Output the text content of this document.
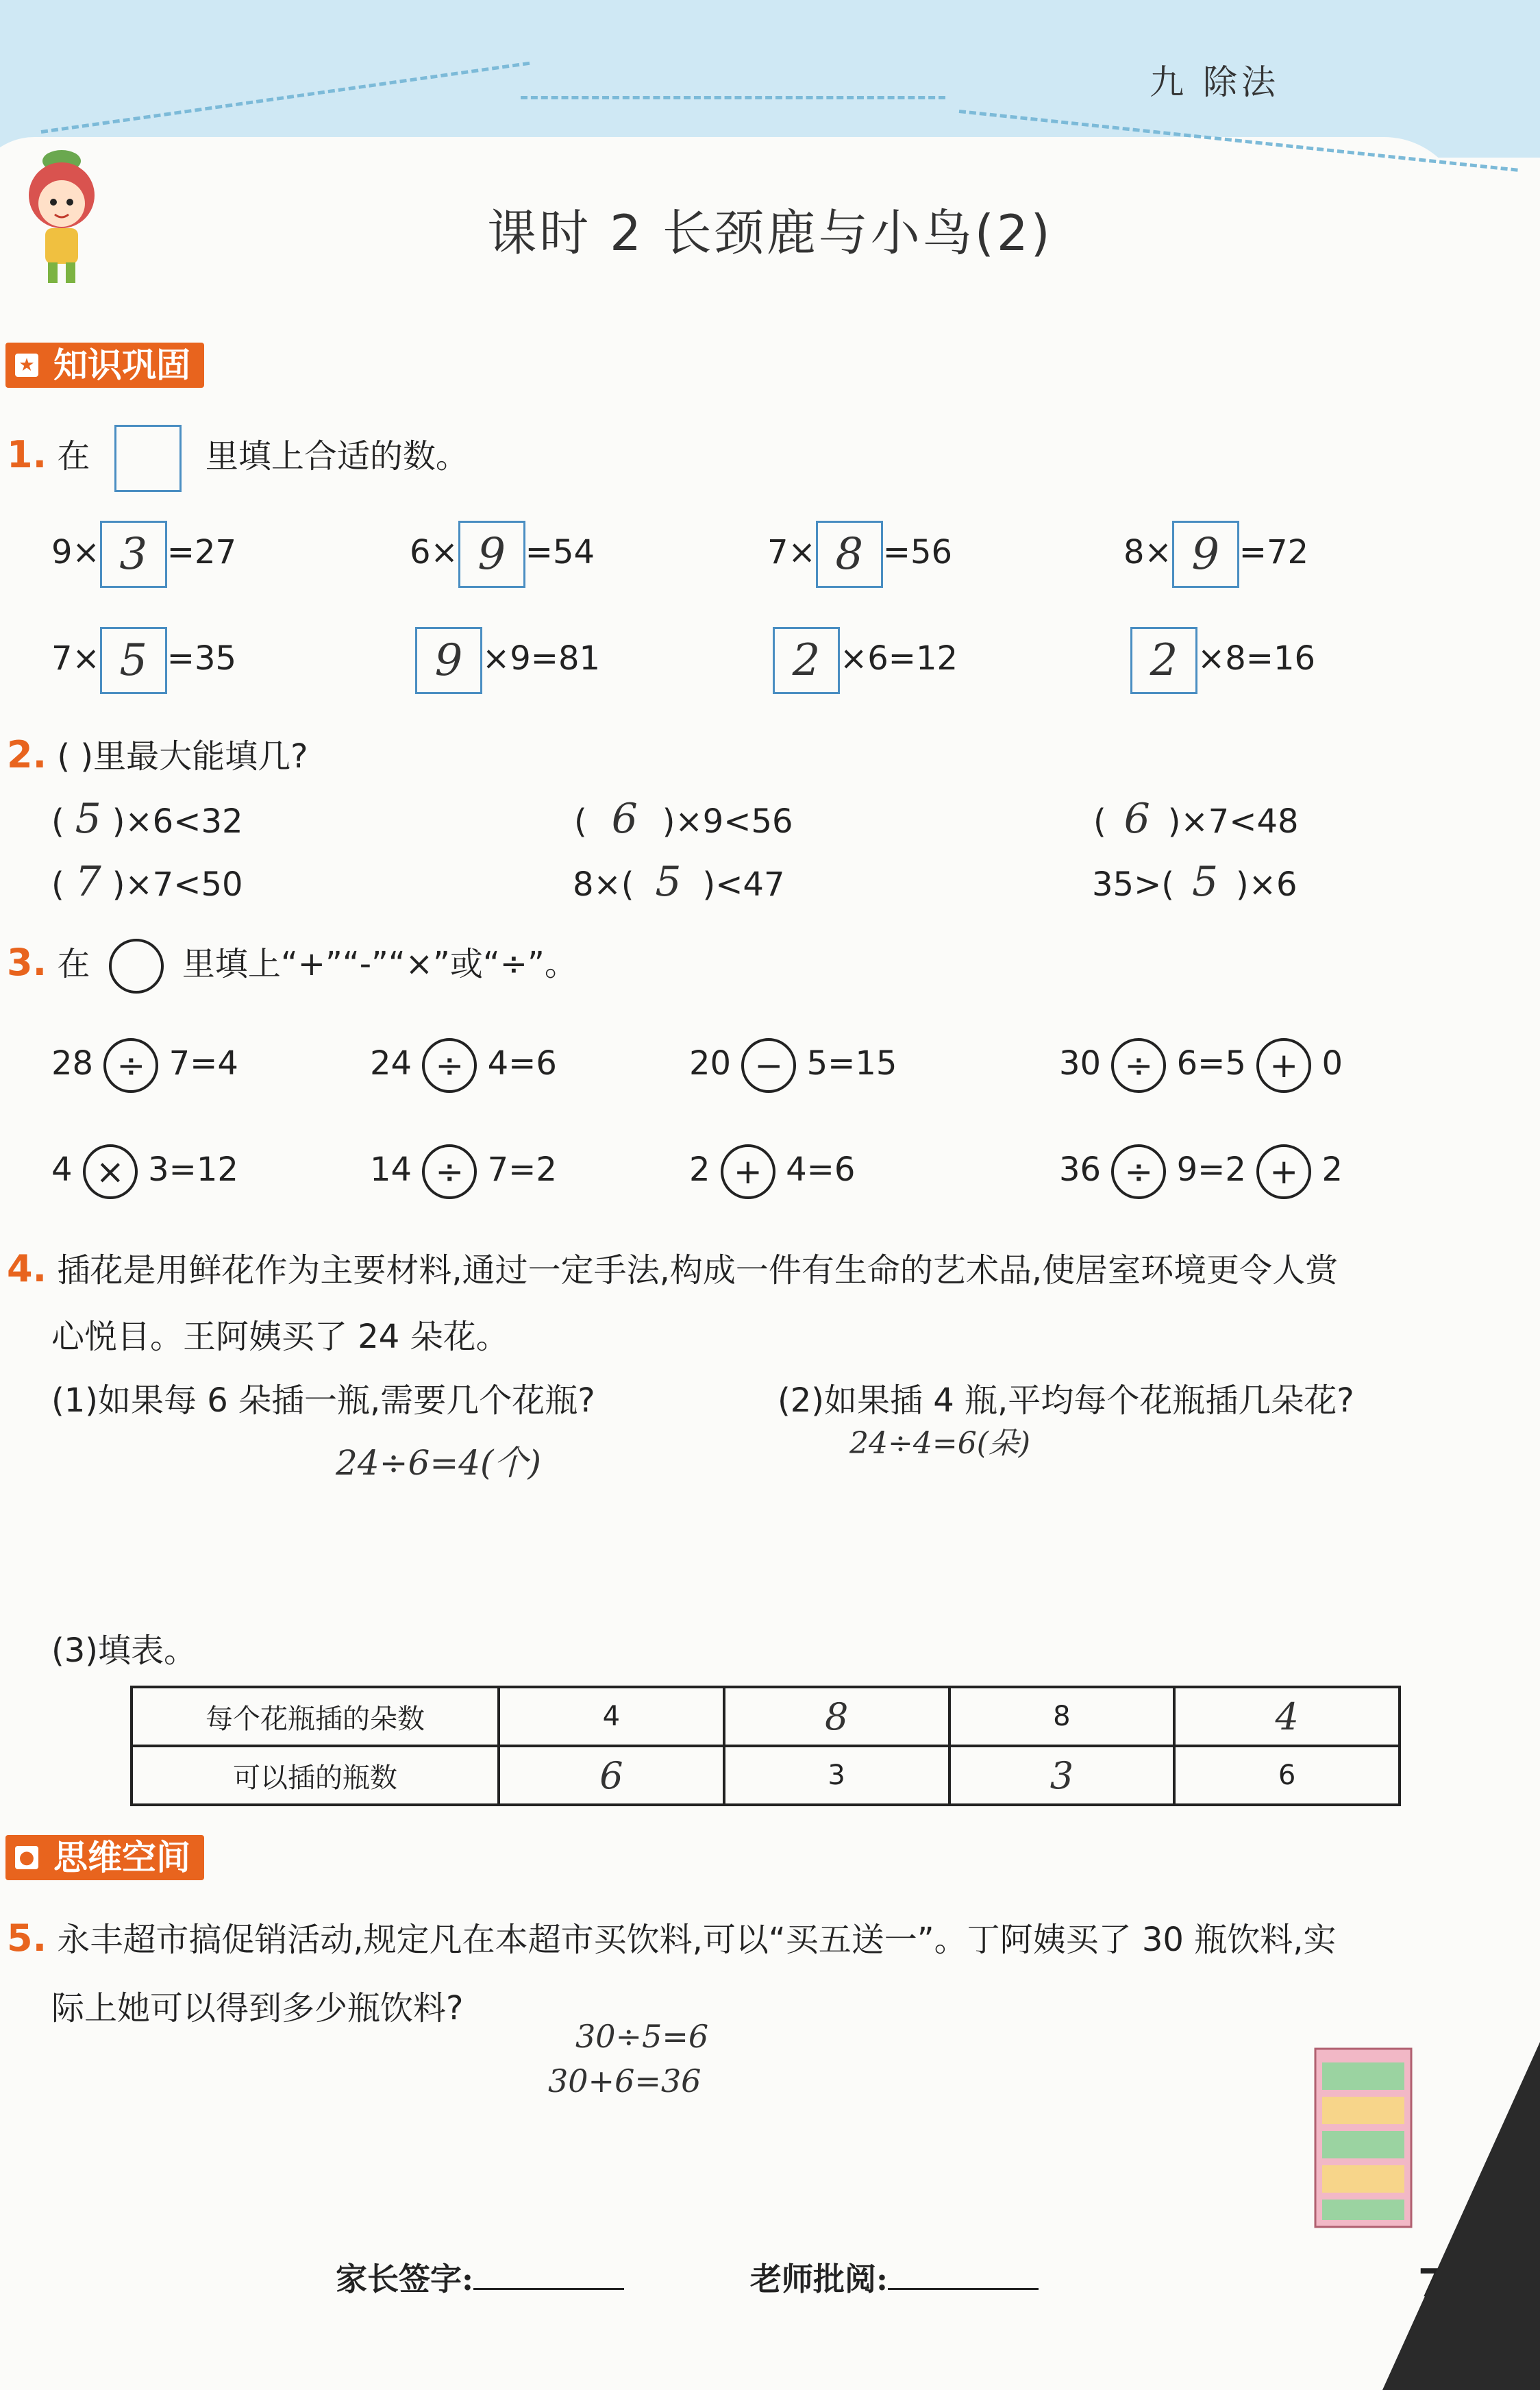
九 除法
课时 2 长颈鹿与小鸟(2)
★ 知识巩固
1. 在	里填上合适的数。
9× 3 =27	6× 9 =54	7× 8 =56	8× 9 =72
7× 5 =35	9 ×9=81	2 ×6=12	2 ×8=16
2. ( )里最大能填几?
( 5 )×6<32	( 6 )×9<56	( 6 )×7<48
( 7 )×7<50	8×( 5 )<47	35>( 5 )×6
3. 在	里填上“+”“-”“×”或“÷”。
28 ÷ 7=4	24 ÷ 4=6	20 − 5=15	30 ÷ 6=5 + 0
4 × 3=12	14 ÷ 7=2	2 + 4=6	36 ÷ 9=2 + 2
4. 插花是用鲜花作为主要材料,通过一定手法,构成一件有生命的艺术品,使居室环境更令人赏
心悦目。王阿姨买了 24 朵花。
(1)如果每 6 朵插一瓶,需要几个花瓶?	(2)如果插 4 瓶,平均每个花瓶插几朵花?
24÷6=4(个)	24÷4=6(朵)
(3)填表。
每个花瓶插的朵数	4	8	8	4
可以插的瓶数	6	3	3	6
● 思维空间
5. 永丰超市搞促销活动,规定凡在本超市买饮料,可以“买五送一”。丁阿姨买了 30 瓶饮料,实
际上她可以得到多少瓶饮料?
30÷5=6
30+6=36
家长签字:	老师批阅:	75
